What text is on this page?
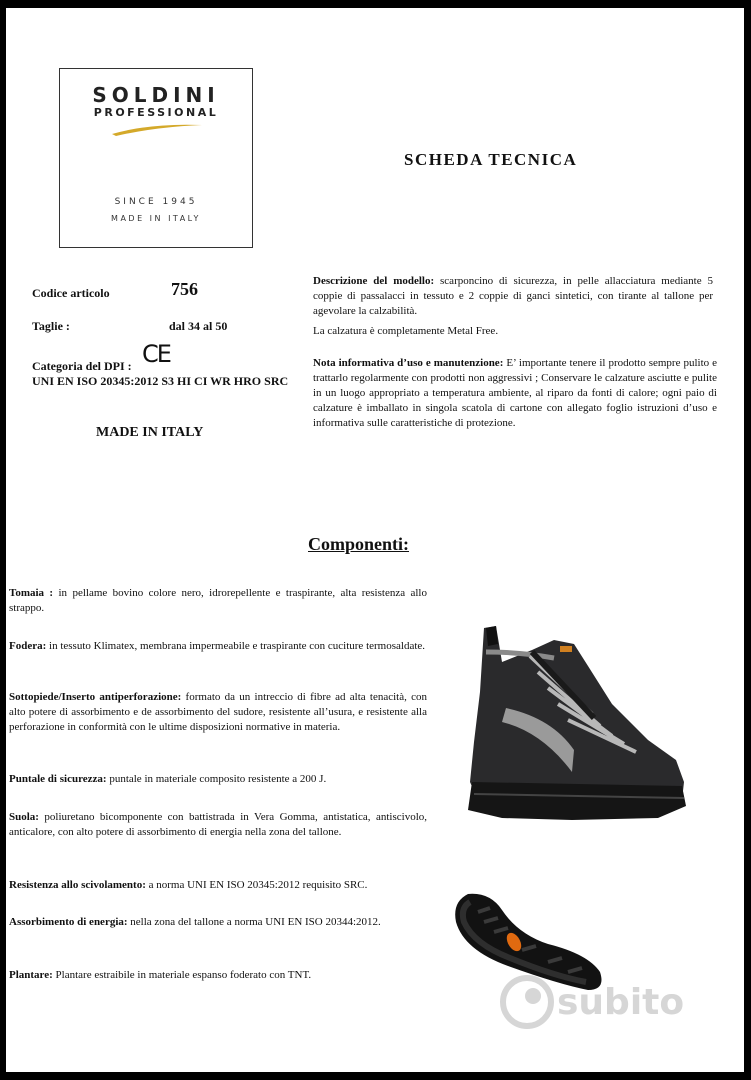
SOLDINI
PROFESSIONAL
SINCE 1945
MADE IN ITALY
SCHEDA TECNICA
Codice articolo	756
Taglie :	dal 34 al 50
Categoria del DPI : CE
UNI EN ISO 20345:2012 S3 HI CI WR HRO SRC
MADE IN ITALY
Descrizione del modello: scarponcino di sicurezza, in pelle allacciatura mediante 5 coppie di passalacci in tessuto e 2 coppie di ganci sintetici, con tirante al tallone per agevolare la calzabilità.
La calzatura è completamente Metal Free.
Nota informativa d’uso e manutenzione: E’ importante tenere il prodotto sempre pulito e trattarlo regolarmente con prodotti non aggressivi ; Conservare le calzature asciutte e pulite in un luogo appropriato a temperatura ambiente, al riparo da fonti di calore; ogni paio di calzature è imballato in singola scatola di cartone con allegato foglio istruzioni d’uso e informativa sulle caratteristiche di protezione.
Componenti:
Tomaia : in pellame bovino colore nero, idrorepellente e traspirante, alta resistenza allo strappo.
Fodera: in tessuto Klimatex, membrana impermeabile e traspirante con cuciture termosaldate.
Sottopiede/Inserto antiperforazione: formato da un intreccio di fibre ad alta tenacità, con alto potere di assorbimento e de assorbimento del sudore, resistente all’usura, e resistente alla perforazione in conformità con le ultime disposizioni normative in materia.
Puntale di sicurezza: puntale in materiale composito resistente a 200 J.
Suola: poliuretano bicomponente con battistrada in Vera Gomma, antistatica, antiscivolo, anticalore, con alto potere di assorbimento di energia nella zona del tallone.
Resistenza allo scivolamento: a norma UNI EN ISO 20345:2012 requisito SRC.
Assorbimento di energia: nella zona del tallone a norma UNI EN ISO 20344:2012.
Plantare: Plantare estraibile in materiale espanso foderato con TNT.
subito
